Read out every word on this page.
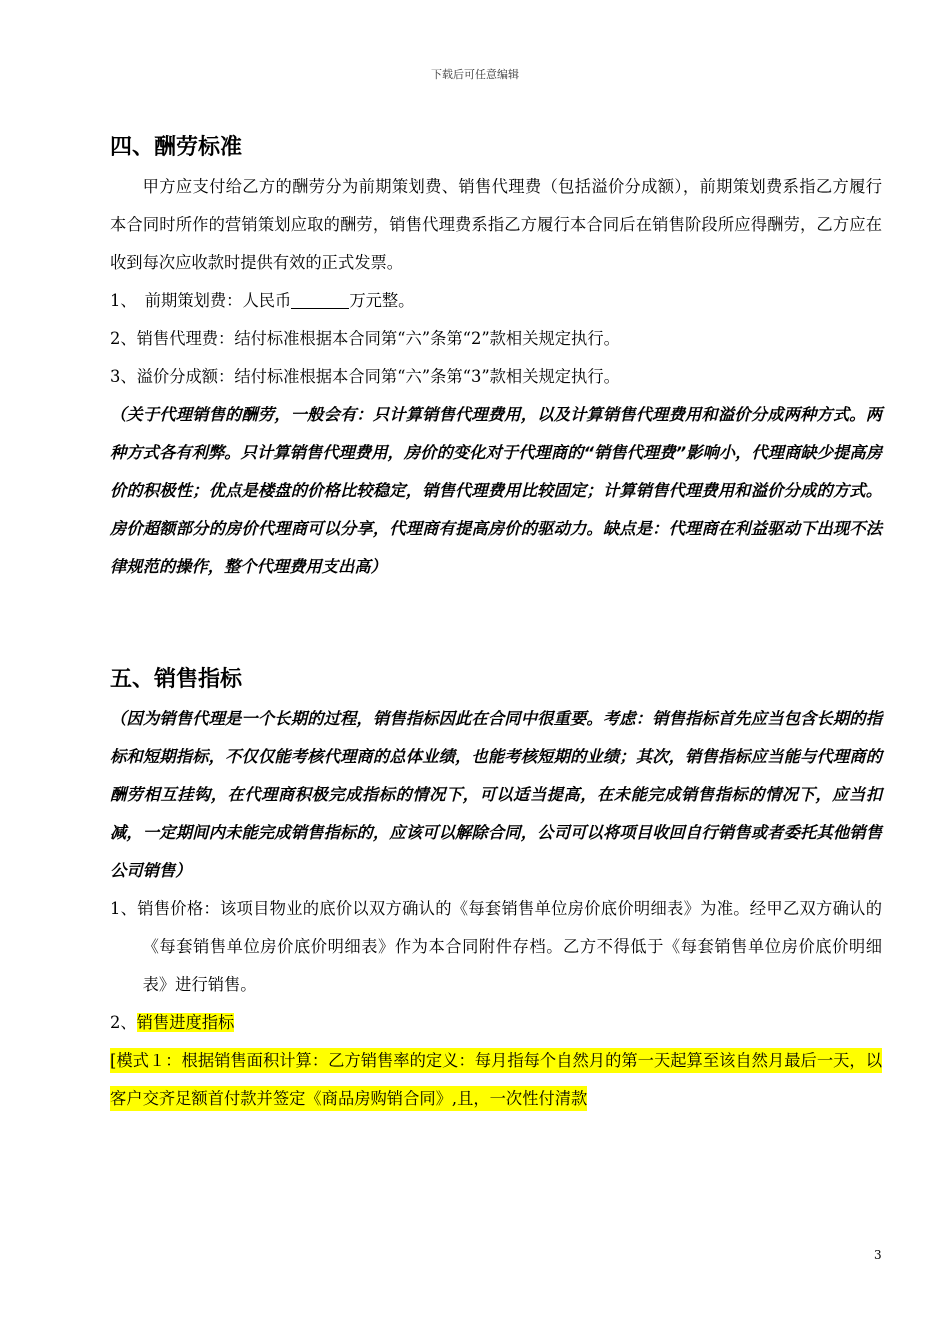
下载后可任意编辑
四、酬劳标准

甲方应支付给乙方的酬劳分为前期策划费、销售代理费（包括溢价分成额），前期策划费系指乙方履行本合同时所作的营销策划应取的酬劳，销售代理费系指乙方履行本合同后在销售阶段所应得酬劳，乙方应在收到每次应收款时提供有效的正式发票。

1、　前期策划费：人民币	万元整。

2、销售代理费：结付标准根据本合同第“六”条第“2”款相关规定执行。

3、溢价分成额：结付标准根据本合同第“六”条第“3”款相关规定执行。

（关于代理销售的酬劳，一般会有：只计算销售代理费用，以及计算销售代理费用和溢价分成两种方式。两种方式各有利弊。只计算销售代理费用，房价的变化对于代理商的“销售代理费”影响小，代理商缺少提高房价的积极性；优点是楼盘的价格比较稳定，销售代理费用比较固定；计算销售代理费用和溢价分成的方式。房价超额部分的房价代理商可以分享，代理商有提高房价的驱动力。缺点是：代理商在利益驱动下出现不法律规范的操作，整个代理费用支出高）

五、销售指标

（因为销售代理是一个长期的过程，销售指标因此在合同中很重要。考虑：销售指标首先应当包含长期的指标和短期指标，不仅仅能考核代理商的总体业绩，也能考核短期的业绩；其次，销售指标应当能与代理商的酬劳相互挂钩，在代理商积极完成指标的情况下，可以适当提高，在未能完成销售指标的情况下，应当扣减，一定期间内未能完成销售指标的，应该可以解除合同，公司可以将项目收回自行销售或者委托其他销售公司销售）

1、销售价格：该项目物业的底价以双方确认的《每套销售单位房价底价明细表》为准。经甲乙双方确认的《每套销售单位房价底价明细表》作为本合同附件存档。乙方不得低于《每套销售单位房价底价明细表》进行销售。

2、销售进度指标

[模式１：根据销售面积计算：乙方销售率的定义：每月指每个自然月的第一天起算至该自然月最后一天，以客户交齐足额首付款并签定《商品房购销合同》,且，一次性付清款

3
